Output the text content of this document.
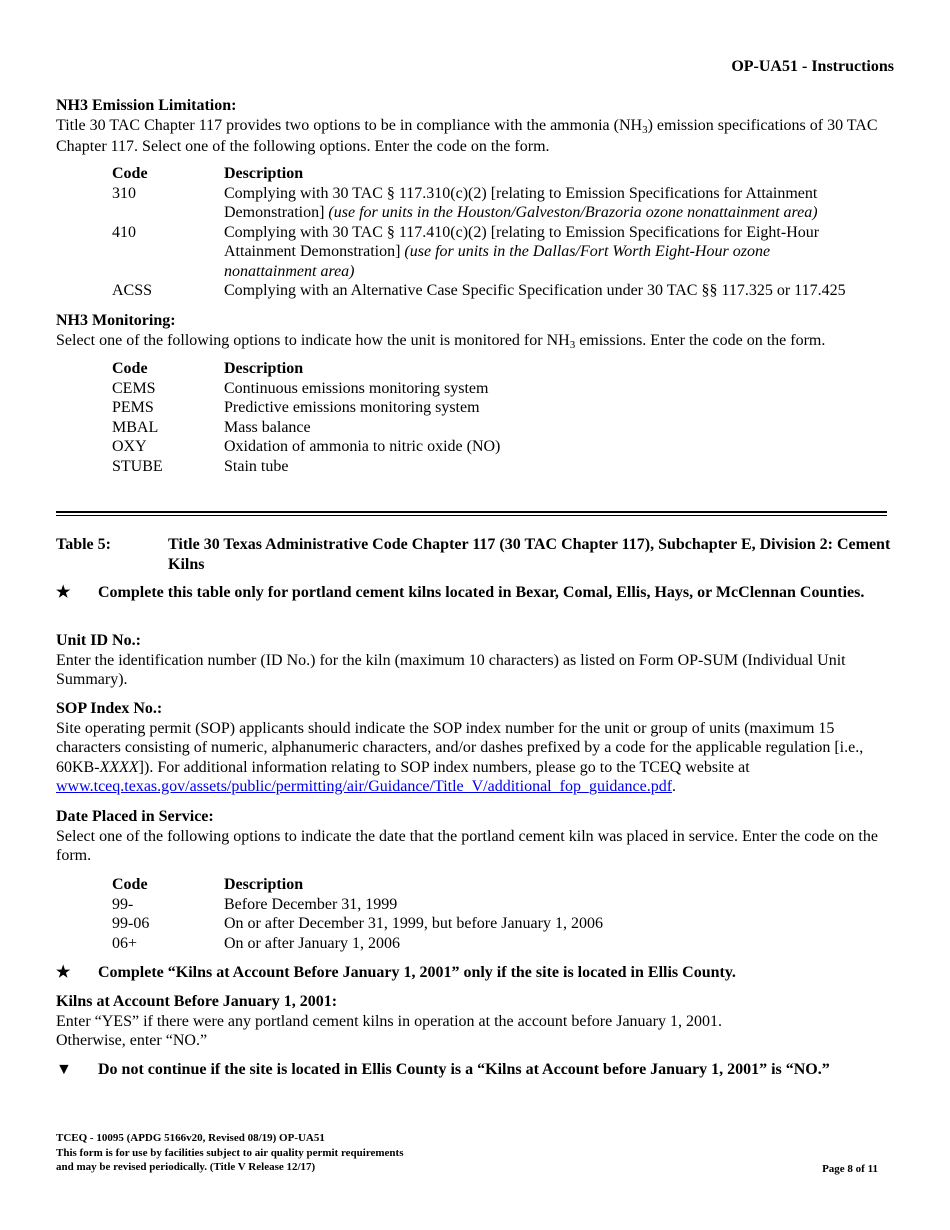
OP-UA51 - Instructions
NH3 Emission Limitation:
Title 30 TAC Chapter 117 provides two options to be in compliance with the ammonia (NH3) emission specifications of 30 TAC Chapter 117. Select one of the following options. Enter the code on the form.
Code	Description
310	Complying with 30 TAC § 117.310(c)(2) [relating to Emission Specifications for Attainment Demonstration] (use for units in the Houston/Galveston/Brazoria ozone nonattainment area)
410	Complying with 30 TAC § 117.410(c)(2) [relating to Emission Specifications for Eight-Hour Attainment Demonstration] (use for units in the Dallas/Fort Worth Eight-Hour ozone nonattainment area)
ACSS	Complying with an Alternative Case Specific Specification under 30 TAC §§ 117.325 or 117.425
NH3 Monitoring:
Select one of the following options to indicate how the unit is monitored for NH3 emissions. Enter the code on the form.
Code	Description
CEMS	Continuous emissions monitoring system
PEMS	Predictive emissions monitoring system
MBAL	Mass balance
OXY	Oxidation of ammonia to nitric oxide (NO)
STUBE	Stain tube
Table 5:	Title 30 Texas Administrative Code Chapter 117 (30 TAC Chapter 117), Subchapter E, Division 2: Cement Kilns
★	Complete this table only for portland cement kilns located in Bexar, Comal, Ellis, Hays, or McClennan Counties.
Unit ID No.:
Enter the identification number (ID No.) for the kiln (maximum 10 characters) as listed on Form OP-SUM (Individual Unit Summary).
SOP Index No.:
Site operating permit (SOP) applicants should indicate the SOP index number for the unit or group of units (maximum 15 characters consisting of numeric, alphanumeric characters, and/or dashes prefixed by a code for the applicable regulation [i.e., 60KB-XXXX]). For additional information relating to SOP index numbers, please go to the TCEQ website at www.tceq.texas.gov/assets/public/permitting/air/Guidance/Title_V/additional_fop_guidance.pdf.
Date Placed in Service:
Select one of the following options to indicate the date that the portland cement kiln was placed in service. Enter the code on the form.
Code	Description
99-	Before December 31, 1999
99-06	On or after December 31, 1999, but before January 1, 2006
06+	On or after January 1, 2006
★	Complete “Kilns at Account Before January 1, 2001” only if the site is located in Ellis County.
Kilns at Account Before January 1, 2001:
Enter “YES” if there were any portland cement kilns in operation at the account before January 1, 2001.
Otherwise, enter “NO.”
▼	Do not continue if the site is located in Ellis County is a “Kilns at Account before January 1, 2001” is “NO.”
TCEQ - 10095 (APDG 5166v20, Revised 08/19) OP-UA51
This form is for use by facilities subject to air quality permit requirements
and may be revised periodically. (Title V Release 12/17)	Page 8 of 11
